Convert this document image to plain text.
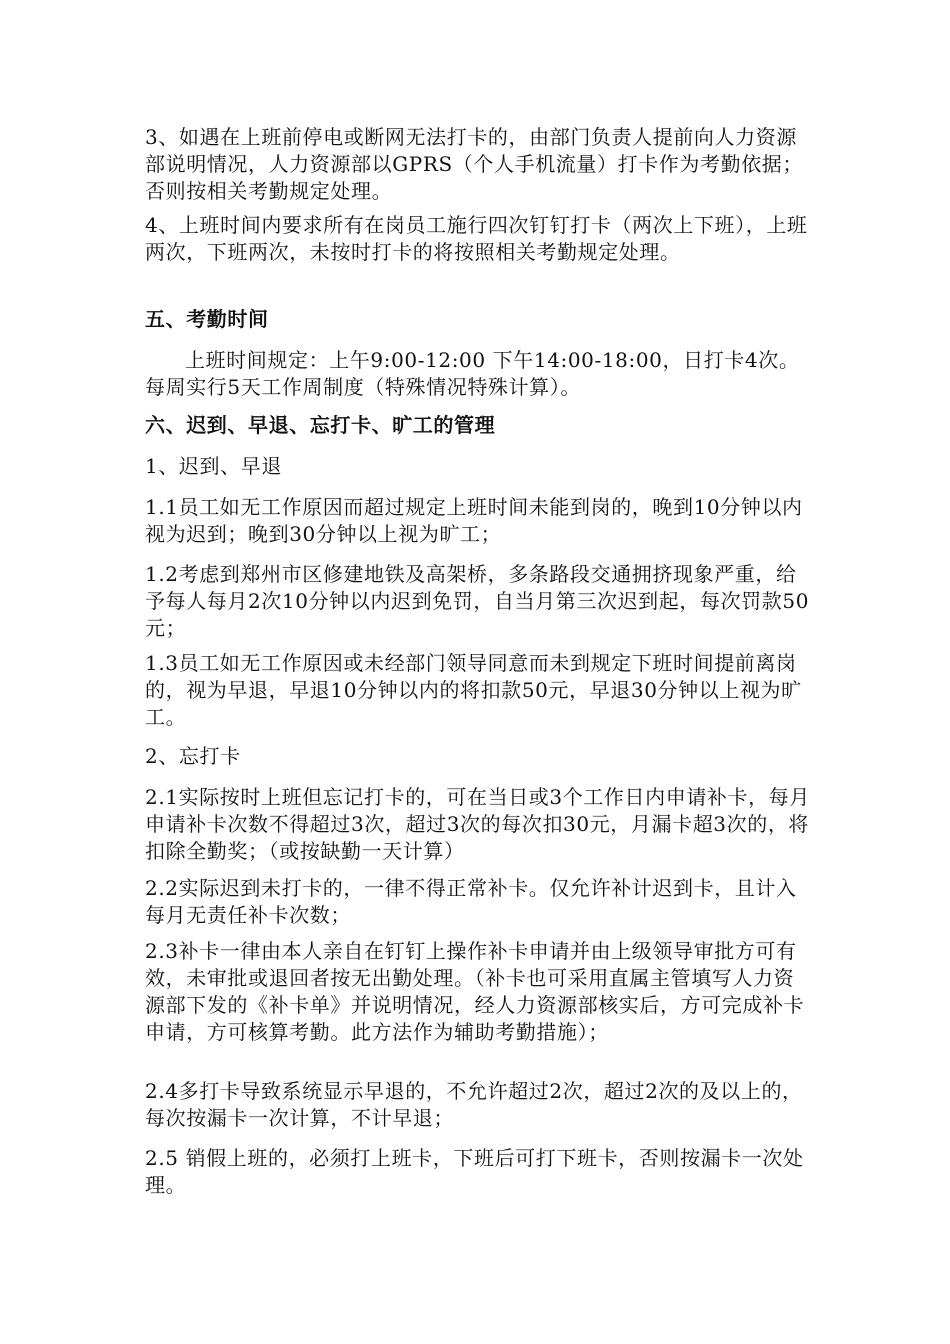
3、如遇在上班前停电或断网无法打卡的，由部门负责人提前向人力资源部说明情况，人力资源部以GPRS（个人手机流量）打卡作为考勤依据；否则按相关考勤规定处理。
4、上班时间内要求所有在岗员工施行四次钉钉打卡（两次上下班），上班两次，下班两次，未按时打卡的将按照相关考勤规定处理。
五、考勤时间
上班时间规定：上午9:00-12:00 下午14:00-18:00，日打卡4次。每周实行5天工作周制度（特殊情况特殊计算）。
六、迟到、早退、忘打卡、旷工的管理
1、迟到、早退
1.1员工如无工作原因而超过规定上班时间未能到岗的，晚到10分钟以内视为迟到；晚到30分钟以上视为旷工；
1.2考虑到郑州市区修建地铁及高架桥，多条路段交通拥挤现象严重，给予每人每月2次10分钟以内迟到免罚，自当月第三次迟到起，每次罚款50元；
1.3员工如无工作原因或未经部门领导同意而未到规定下班时间提前离岗的，视为早退，早退10分钟以内的将扣款50元，早退30分钟以上视为旷工。
2、忘打卡
2.1实际按时上班但忘记打卡的，可在当日或3个工作日内申请补卡，每月申请补卡次数不得超过3次，超过3次的每次扣30元，月漏卡超3次的，将扣除全勤奖；（或按缺勤一天计算）
2.2实际迟到未打卡的，一律不得正常补卡。仅允许补计迟到卡，且计入每月无责任补卡次数；
2.3补卡一律由本人亲自在钉钉上操作补卡申请并由上级领导审批方可有效，未审批或退回者按无出勤处理。（补卡也可采用直属主管填写人力资源部下发的《补卡单》并说明情况，经人力资源部核实后，方可完成补卡申请，方可核算考勤。此方法作为辅助考勤措施）；
2.4多打卡导致系统显示早退的，不允许超过2次，超过2次的及以上的，每次按漏卡一次计算，不计早退；
2.5 销假上班的，必须打上班卡，下班后可打下班卡，否则按漏卡一次处理。
